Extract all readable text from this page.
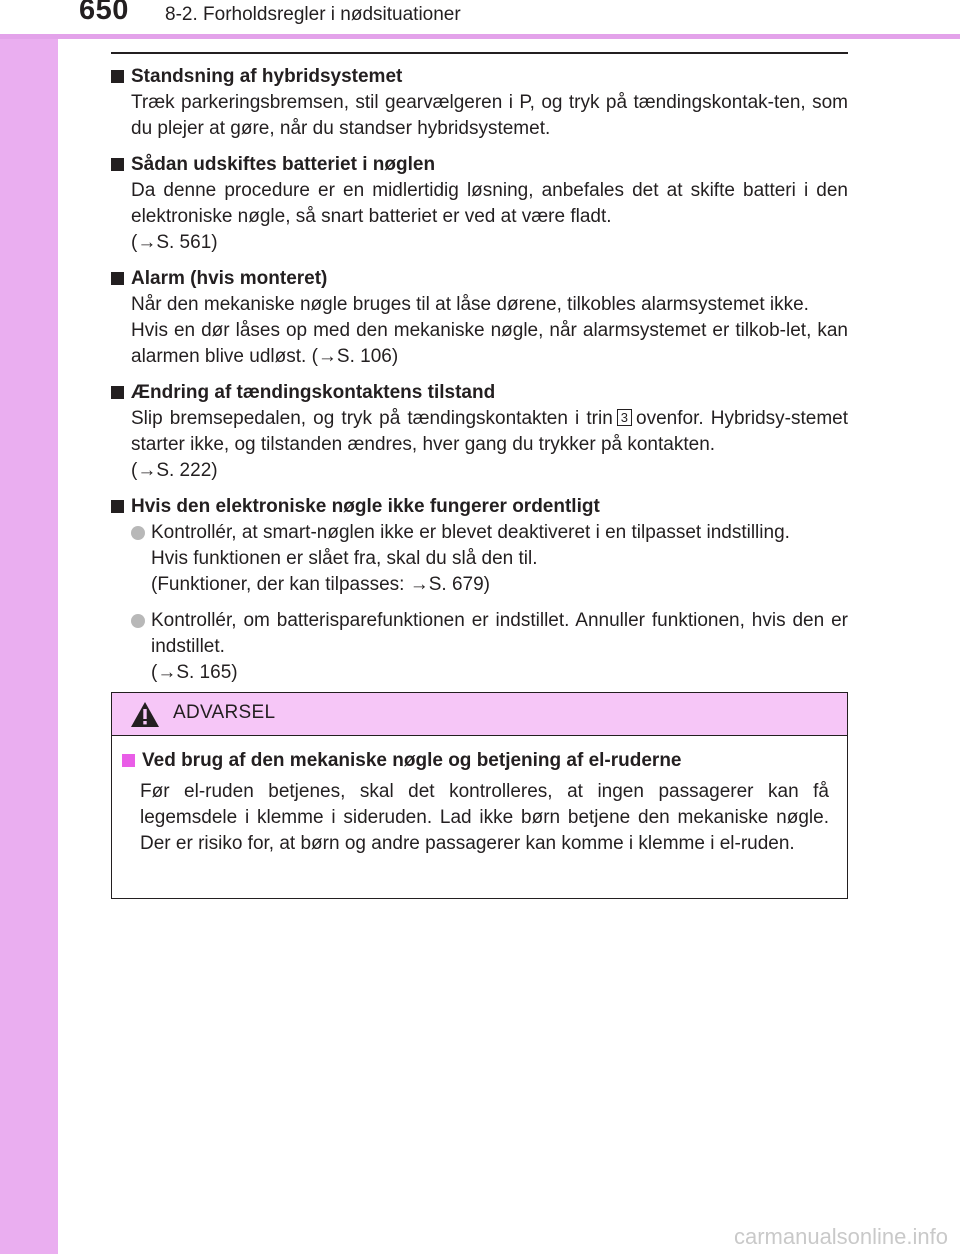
650 8-2. Forholdsregler i nødsituationer
Standsning af hybridsystemet
Træk parkeringsbremsen, stil gearvælgeren i P, og tryk på tændingskontak-ten, som du plejer at gøre, når du standser hybridsystemet.
Sådan udskiftes batteriet i nøglen
Da denne procedure er en midlertidig løsning, anbefales det at skifte batteri i den elektroniske nøgle, så snart batteriet er ved at være fladt.
(→S. 561)
Alarm (hvis monteret)
Når den mekaniske nøgle bruges til at låse dørene, tilkobles alarmsystemet ikke.
Hvis en dør låses op med den mekaniske nøgle, når alarmsystemet er tilkob-let, kan alarmen blive udløst. (→S. 106)
Ændring af tændingskontaktens tilstand
Slip bremsepedalen, og tryk på tændingskontakten i trin 3 ovenfor. Hybridsy-stemet starter ikke, og tilstanden ændres, hver gang du trykker på kontakten.
(→S. 222)
Hvis den elektroniske nøgle ikke fungerer ordentligt
Kontrollér, at smart-nøglen ikke er blevet deaktiveret i en tilpasset indstilling.
Hvis funktionen er slået fra, skal du slå den til.
(Funktioner, der kan tilpasses: →S. 679)
Kontrollér, om batterisparefunktionen er indstillet. Annuller funktionen, hvis den er indstillet.
(→S. 165)
ADVARSEL
Ved brug af den mekaniske nøgle og betjening af el-ruderne
Før el-ruden betjenes, skal det kontrolleres, at ingen passagerer kan få legemsdele i klemme i sideruden. Lad ikke børn betjene den mekaniske nøgle. Der er risiko for, at børn og andre passagerer kan komme i klemme i el-ruden.
carmanualsonline.info
